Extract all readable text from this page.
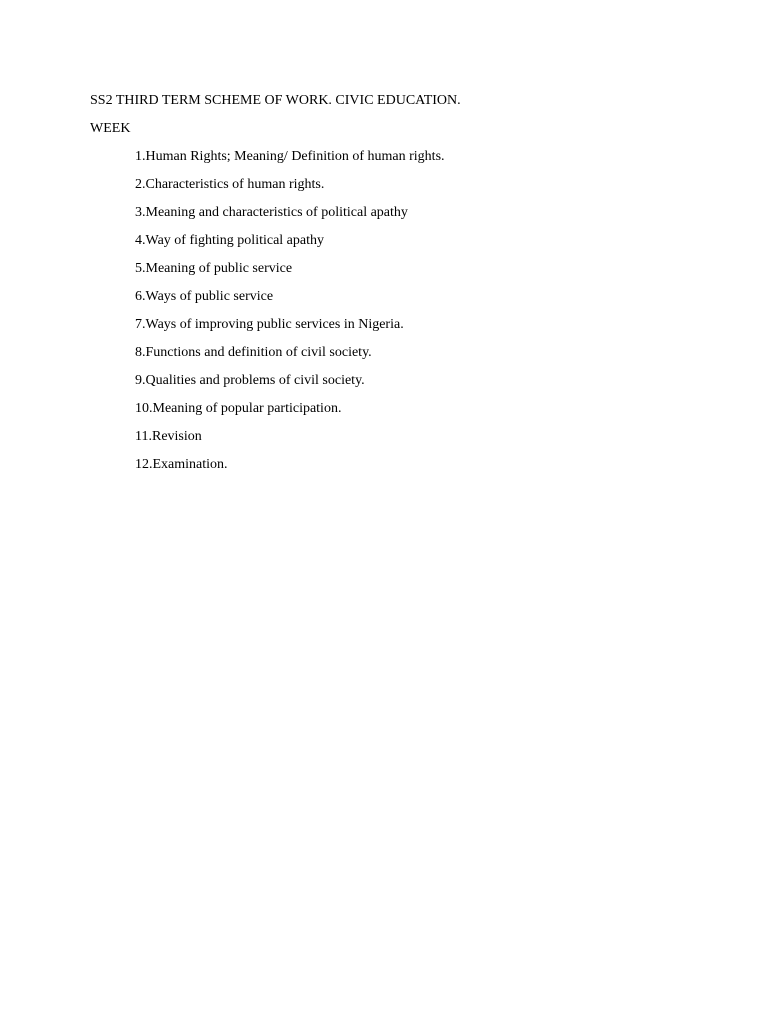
SS2 THIRD TERM SCHEME OF WORK. CIVIC EDUCATION.
WEEK
1.Human Rights; Meaning/ Definition of human rights.
2.Characteristics of human rights.
3.Meaning and characteristics of political apathy
4.Way of fighting political apathy
5.Meaning of public service
6.Ways of public service
7.Ways of improving public services in Nigeria.
8.Functions and definition of civil society.
9.Qualities and problems of civil society.
10.Meaning of popular participation.
11.Revision
12.Examination.
